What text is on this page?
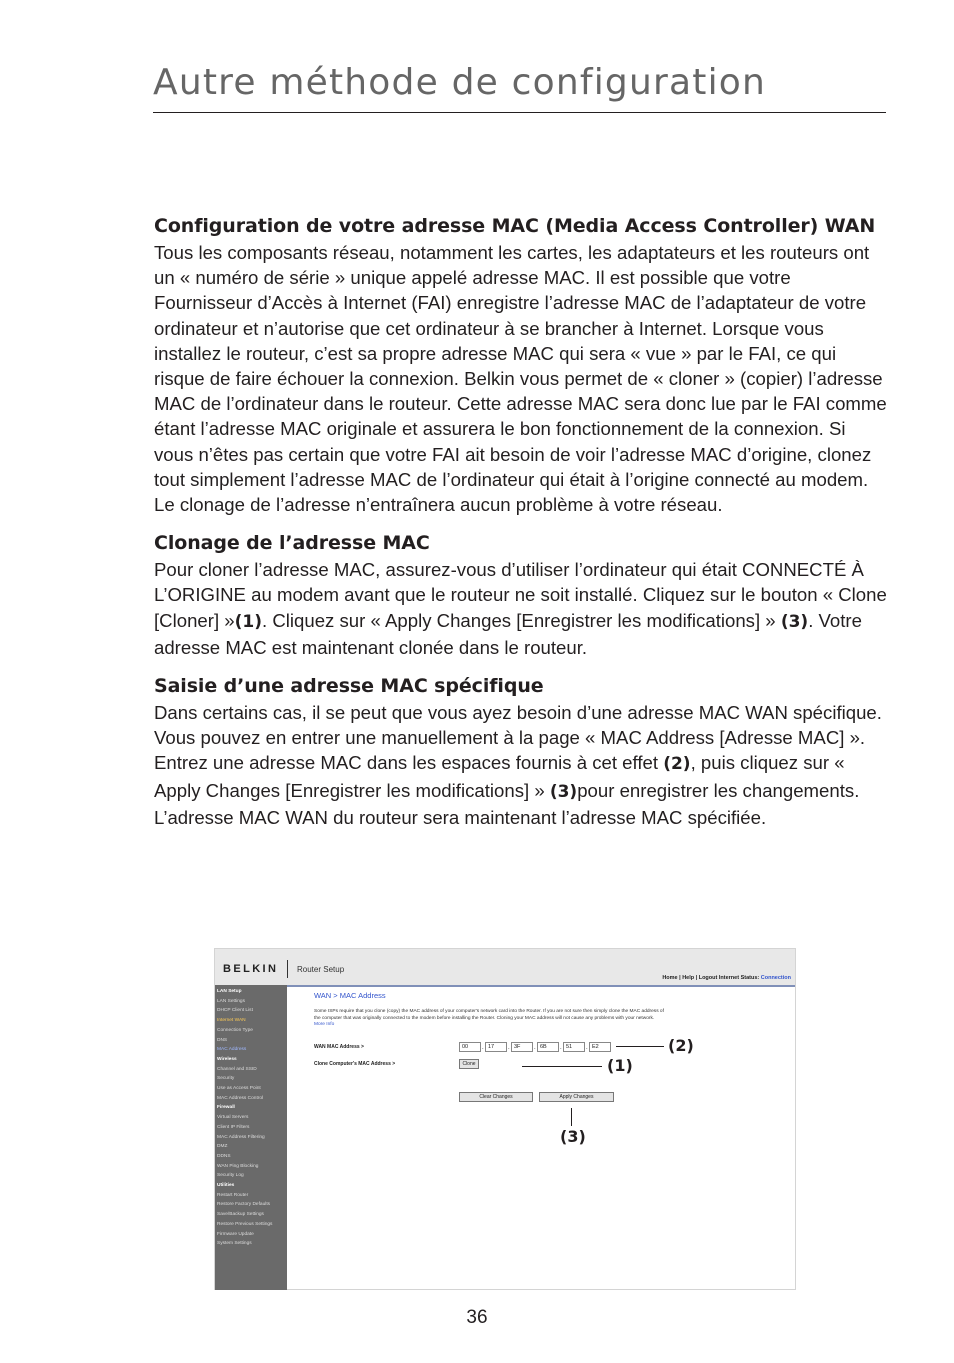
Autre méthode de configuration
Configuration de votre adresse MAC (Media Access Controller) WAN

Tous les composants réseau, notamment les cartes, les adaptateurs et les routeurs ont un « numéro de série » unique appelé adresse MAC. Il est possible que votre Fournisseur d’Accès à Internet (FAI) enregistre l’adresse MAC de l’adaptateur de votre ordinateur et n’autorise que cet ordinateur à se brancher à Internet. Lorsque vous installez le routeur, c’est sa propre adresse MAC qui sera « vue » par le FAI, ce qui risque de faire échouer la connexion. Belkin vous permet de « cloner » (copier) l’adresse MAC de l’ordinateur dans le routeur. Cette adresse MAC sera donc lue par le FAI comme étant l’adresse MAC originale et assurera le bon fonctionnement de la connexion. Si vous n’êtes pas certain que votre FAI ait besoin de voir l’adresse MAC d’origine, clonez tout simplement l’adresse MAC de l’ordinateur qui était à l’origine connecté au modem. Le clonage de l’adresse n’entraînera aucun problème à votre réseau.

Clonage de l’adresse MAC

Pour cloner l’adresse MAC, assurez-vous d’utiliser l’ordinateur qui était CONNECTÉ À L’ORIGINE au modem avant que le routeur ne soit installé. Cliquez sur le bouton « Clone [Cloner] »(1). Cliquez sur « Apply Changes [Enregistrer les modifications] » (3). Votre adresse MAC est maintenant clonée dans le routeur.

Saisie d’une adresse MAC spécifique

Dans certains cas, il se peut que vous ayez besoin d’une adresse MAC WAN spécifique. Vous pouvez en entrer une manuellement à la page « MAC Address [Adresse MAC] ». Entrez une adresse MAC dans les espaces fournis à cet effet (2), puis cliquez sur « Apply Changes [Enregistrer les modifications] » (3)pour enregistrer les changements. L’adresse MAC WAN du routeur sera maintenant l’adresse MAC spécifiée.

BELKIN Router Setup
Home | Help | Logout Internet Status: Connection
LAN Setup
LAN Settings
DHCP Client List
Internet WAN
Connection Type
DNS
MAC Address
Wireless
Channel and SSID
Security
Use as Access Point
MAC Address Control
Firewall
Virtual Servers
Client IP Filters
MAC Address Filtering
DMZ
DDNS
WAN Ping Blocking
Security Log
Utilities
Restart Router
Restore Factory Defaults
Save/Backup Settings
Restore Previous Settings
Firmware Update
System Settings
WAN > MAC Address
Some ISPs require that you clone (copy) the MAC address of your computer's network card into the Router. If you are not sure then simply clone the MAC address of the computer that was originally connected to the modem before installing the Router. Cloning your MAC address will not cause any problems with your network. More Info
WAN MAC Address >	00	. 17	. 3F	. 6B	. 51	. E2
Clone Computer's MAC Address >	Clone
Clear Changes	Apply Changes
(2)
(1)
(3)
36
